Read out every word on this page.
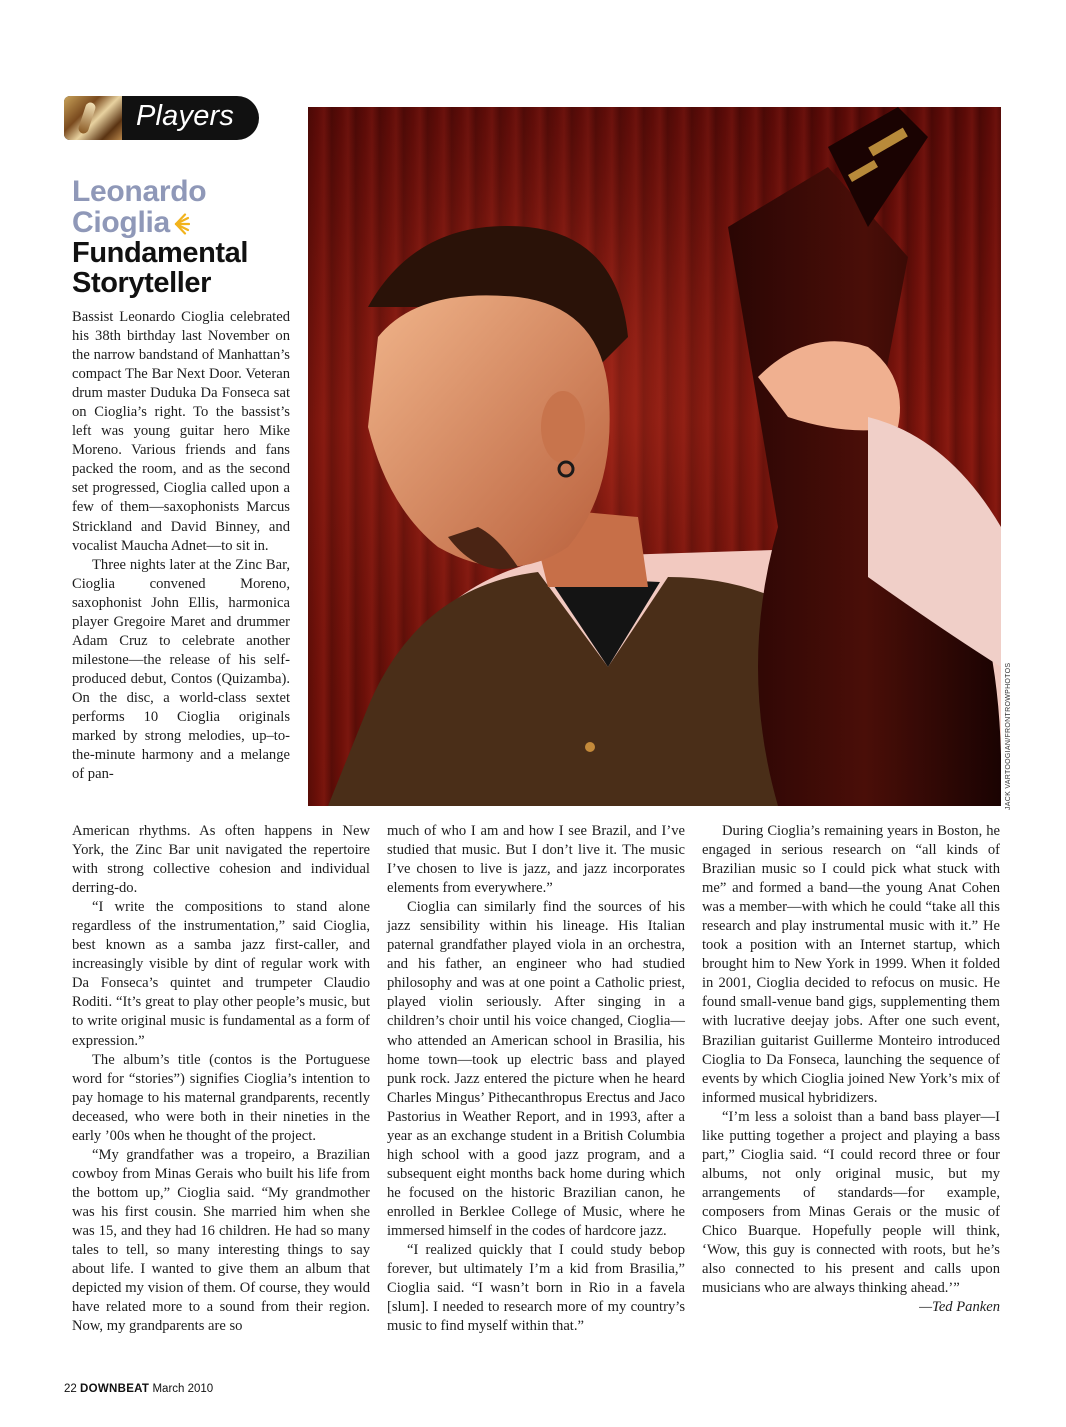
Players
Leonardo
Cioglia
Fundamental
Storyteller
JACK VARTOOGIAN/FRONTROWPHOTOS

Bassist Leonardo Cioglia celebrated his 38th birthday last November on the narrow bandstand of Manhattan’s compact The Bar Next Door. Veteran drum master Duduka Da Fonseca sat on Cioglia’s right. To the bassist’s left was young guitar hero Mike Moreno. Various friends and fans packed the room, and as the second set progressed, Cioglia called upon a few of them—saxophonists Marcus Strickland and David Binney, and vocalist Maucha Adnet—to sit in.

Three nights later at the Zinc Bar, Cioglia convened Moreno, saxophonist John Ellis, harmonica player Gregoire Maret and drummer Adam Cruz to celebrate another milestone—the release of his self-produced debut, Contos (Quizamba). On the disc, a world-class sextet performs 10 Cioglia originals marked by strong melodies, up–to-the-minute harmony and a melange of pan-

American rhythms. As often happens in New York, the Zinc Bar unit navigated the repertoire with strong collective cohesion and individual derring-do.

“I write the compositions to stand alone regardless of the instrumentation,” said Cioglia, best known as a samba jazz first-caller, and increasingly visible by dint of regular work with Da Fonseca’s quintet and trumpeter Claudio Roditi. “It’s great to play other people’s music, but to write original music is fundamental as a form of expression.”

The album’s title (contos is the Portuguese word for “stories”) signifies Cioglia’s intention to pay homage to his maternal grandparents, recently deceased, who were both in their nineties in the early ’00s when he thought of the project.

“My grandfather was a tropeiro, a Brazilian cowboy from Minas Gerais who built his life from the bottom up,” Cioglia said. “My grandmother was his first cousin. She married him when she was 15, and they had 16 children. He had so many tales to tell, so many interesting things to say about life. I wanted to give them an album that depicted my vision of them. Of course, they would have related more to a sound from their region. Now, my grandparents are so

much of who I am and how I see Brazil, and I’ve studied that music. But I don’t live it. The music I’ve chosen to live is jazz, and jazz incorporates elements from everywhere.”

Cioglia can similarly find the sources of his jazz sensibility within his lineage. His Italian paternal grandfather played viola in an orchestra, and his father, an engineer who had studied philosophy and was at one point a Catholic priest, played violin seriously. After singing in a children’s choir until his voice changed, Cioglia—who attended an American school in Brasilia, his home town—took up electric bass and played punk rock. Jazz entered the picture when he heard Charles Mingus’ Pithecanthropus Erectus and Jaco Pastorius in Weather Report, and in 1993, after a year as an exchange student in a British Columbia high school with a good jazz program, and a subsequent eight months back home during which he focused on the historic Brazilian canon, he enrolled in Berklee College of Music, where he immersed himself in the codes of hardcore jazz.

“I realized quickly that I could study bebop forever, but ultimately I’m a kid from Brasilia,” Cioglia said. “I wasn’t born in Rio in a favela [slum]. I needed to research more of my country’s music to find myself within that.”

During Cioglia’s remaining years in Boston, he engaged in serious research on “all kinds of Brazilian music so I could pick what stuck with me” and formed a band—the young Anat Cohen was a member—with which he could “take all this research and play instrumental music with it.” He took a position with an Internet startup, which brought him to New York in 1999. When it folded in 2001, Cioglia decided to refocus on music. He found small-venue band gigs, supplementing them with lucrative deejay jobs. After one such event, Brazilian guitarist Guillerme Monteiro introduced Cioglia to Da Fonseca, launching the sequence of events by which Cioglia joined New York’s mix of informed musical hybridizers.

“I’m less a soloist than a band bass player—I like putting together a project and playing a bass part,” Cioglia said. “I could record three or four albums, not only original music, but my arrangements of standards—for example, composers from Minas Gerais or the music of Chico Buarque. Hopefully people will think, ‘Wow, this guy is connected with roots, but he’s also connected to his present and calls upon musicians who are always thinking ahead.’”

—Ted Panken

22 DOWNBEAT March 2010
